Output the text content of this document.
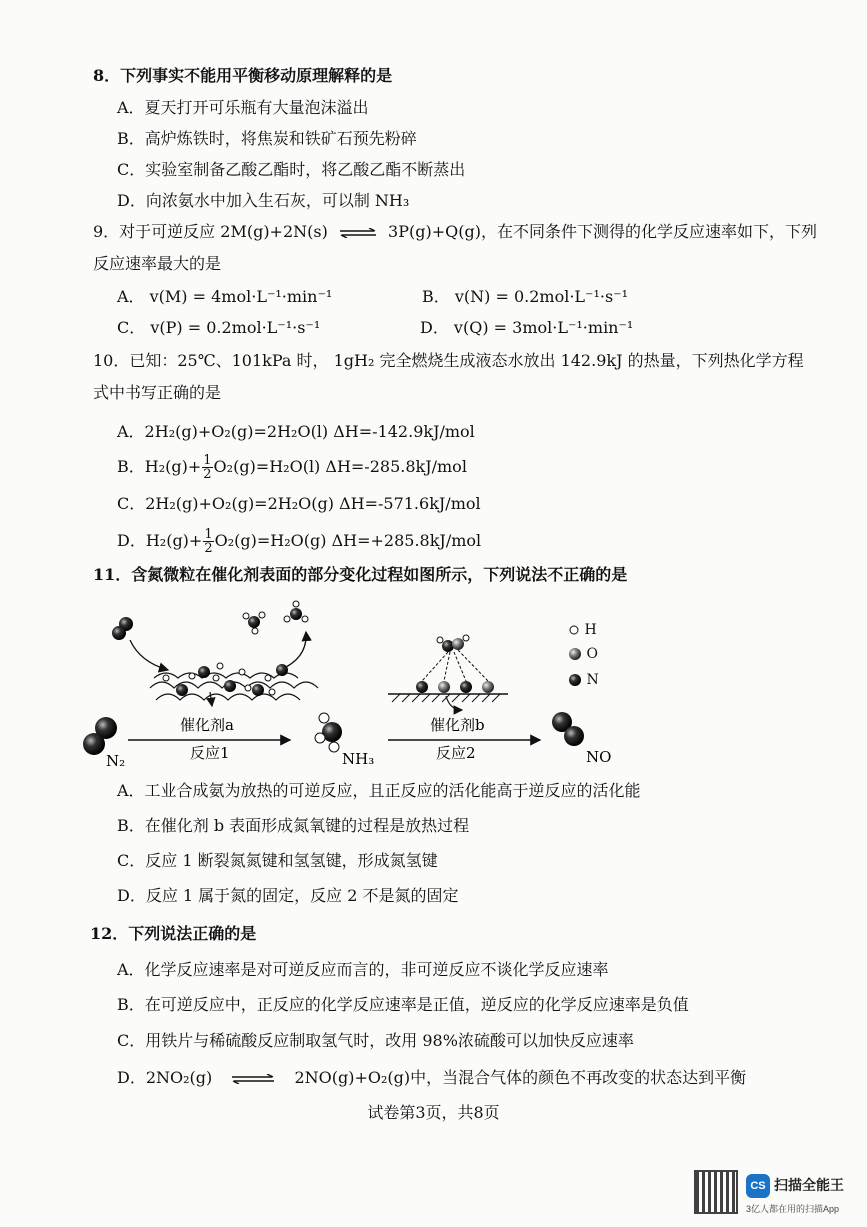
8．下列事实不能用平衡移动原理解释的是
A．夏天打开可乐瓶有大量泡沫溢出
B．高炉炼铁时，将焦炭和铁矿石预先粉碎
C．实验室制备乙酸乙酯时，将乙酸乙酯不断蒸出
D．向浓氨水中加入生石灰，可以制 NH₃
9．对于可逆反应 2M(g)+2N(s) ⇌ 3P(g)+Q(g)，在不同条件下测得的化学反应速率如下，下列
反应速率最大的是
A． v(M) = 4mol·L⁻¹·min⁻¹	B． v(N) = 0.2mol·L⁻¹·s⁻¹
C． v(P) = 0.2mol·L⁻¹·s⁻¹	D． v(Q) = 3mol·L⁻¹·min⁻¹
10．已知：25℃、101kPa 时， 1gH₂ 完全燃烧生成液态水放出 142.9kJ 的热量，下列热化学方程
式中书写正确的是
A．2H₂(g)+O₂(g)=2H₂O(l) ΔH=-142.9kJ/mol
B．$H_2(g)+ \frac{1}{2} O_2(g)=H_2O(l)$ ΔH=-285.8kJ/mol
C．2H₂(g)+O₂(g)=2H₂O(g) ΔH=-571.6kJ/mol
D．$H_2(g)+ \frac{1}{2} O_2(g)=H_2O(g)$ ΔH=+285.8kJ/mol
11．含氮微粒在催化剂表面的部分变化过程如图所示，下列说法不正确的是
N₂
催化剂a
反应1	NH₃
催化剂b
反应2	NO
H
O
N
A．工业合成氨为放热的可逆反应，且正反应的活化能高于逆反应的活化能
B．在催化剂 b 表面形成氮氧键的过程是放热过程
C．反应 1 断裂氮氮键和氢氢键，形成氮氢键
D．反应 1 属于氮的固定，反应 2 不是氮的固定
12．下列说法正确的是
A．化学反应速率是对可逆反应而言的，非可逆反应不谈化学反应速率
B．在可逆反应中，正反应的化学反应速率是正值，逆反应的化学反应速率是负值
C．用铁片与稀硫酸反应制取氢气时，改用 98%浓硫酸可以加快反应速率
D．2NO₂(g) ⇌ 2NO(g)+O₂(g)中，当混合气体的颜色不再改变的状态达到平衡
试卷第3页，共8页
CS 扫描全能王
3亿人都在用的扫描App
